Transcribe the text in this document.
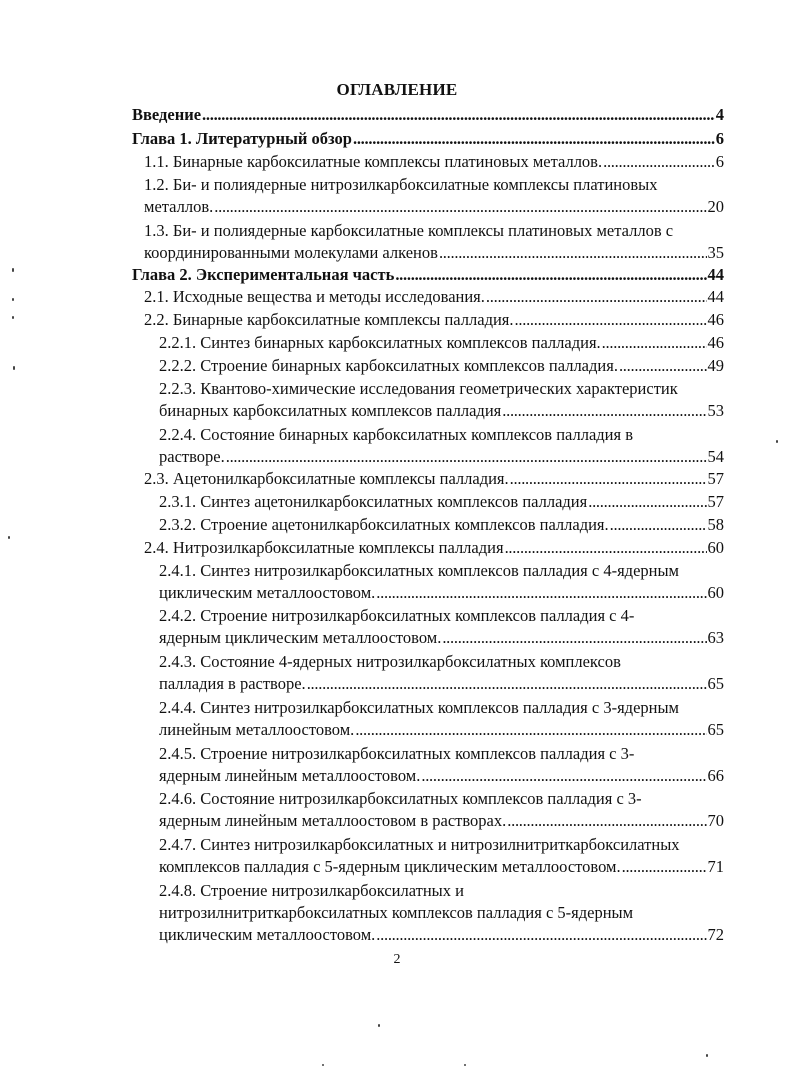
ОГЛАВЛЕНИЕ
Введение . . .	4
Глава 1. Литературный обзор . . .	6
1.1. Бинарные карбоксилатные комплексы платиновых металлов. . . .	6
1.2. Би- и полиядерные нитрозилкарбоксилатные комплексы платиновых
металлов. . . .	20
1.3. Би- и полиядерные карбоксилатные комплексы платиновых металлов с
координированными молекулами алкенов . . .	35
Глава 2. Экспериментальная часть . . .	44
2.1. Исходные вещества и методы исследования. . . .	44
2.2. Бинарные карбоксилатные комплексы палладия. . . .	46
2.2.1. Синтез бинарных карбоксилатных комплексов палладия. . . .	46
2.2.2. Строение бинарных карбоксилатных комплексов палладия. . . .	49
2.2.3. Квантово-химические исследования геометрических характеристик
бинарных карбоксилатных комплексов палладия . . .	53
2.2.4. Состояние бинарных карбоксилатных комплексов палладия в
растворе. . . .	54
2.3. Ацетонилкарбоксилатные комплексы палладия. . . .	57
2.3.1. Синтез ацетонилкарбоксилатных комплексов палладия . . .	57
2.3.2. Строение ацетонилкарбоксилатных комплексов палладия. . . .	58
2.4. Нитрозилкарбоксилатные комплексы палладия . . .	60
2.4.1. Синтез нитрозилкарбоксилатных комплексов палладия с 4-ядерным
циклическим металлоостовом. . . .	60
2.4.2. Строение нитрозилкарбоксилатных комплексов палладия с 4-
ядерным циклическим металлоостовом. . . .	63
2.4.3. Состояние 4-ядерных нитрозилкарбоксилатных комплексов
палладия в растворе. . . .	65
2.4.4. Синтез нитрозилкарбоксилатных комплексов палладия с 3-ядерным
линейным металлоостовом. . . .	65
2.4.5. Строение нитрозилкарбоксилатных комплексов палладия с 3-
ядерным линейным металлоостовом. . . .	66
2.4.6. Состояние нитрозилкарбоксилатных комплексов палладия с 3-
ядерным линейным металлоостовом в растворах. . . .	70
2.4.7. Синтез нитрозилкарбоксилатных и нитрозилнитриткарбоксилатных
комплексов палладия с 5-ядерным циклическим металлоостовом. . . .	71
2.4.8. Строение нитрозилкарбоксилатных и
нитрозилнитриткарбоксилатных комплексов палладия с 5-ядерным
циклическим металлоостовом. . . .	72
2
